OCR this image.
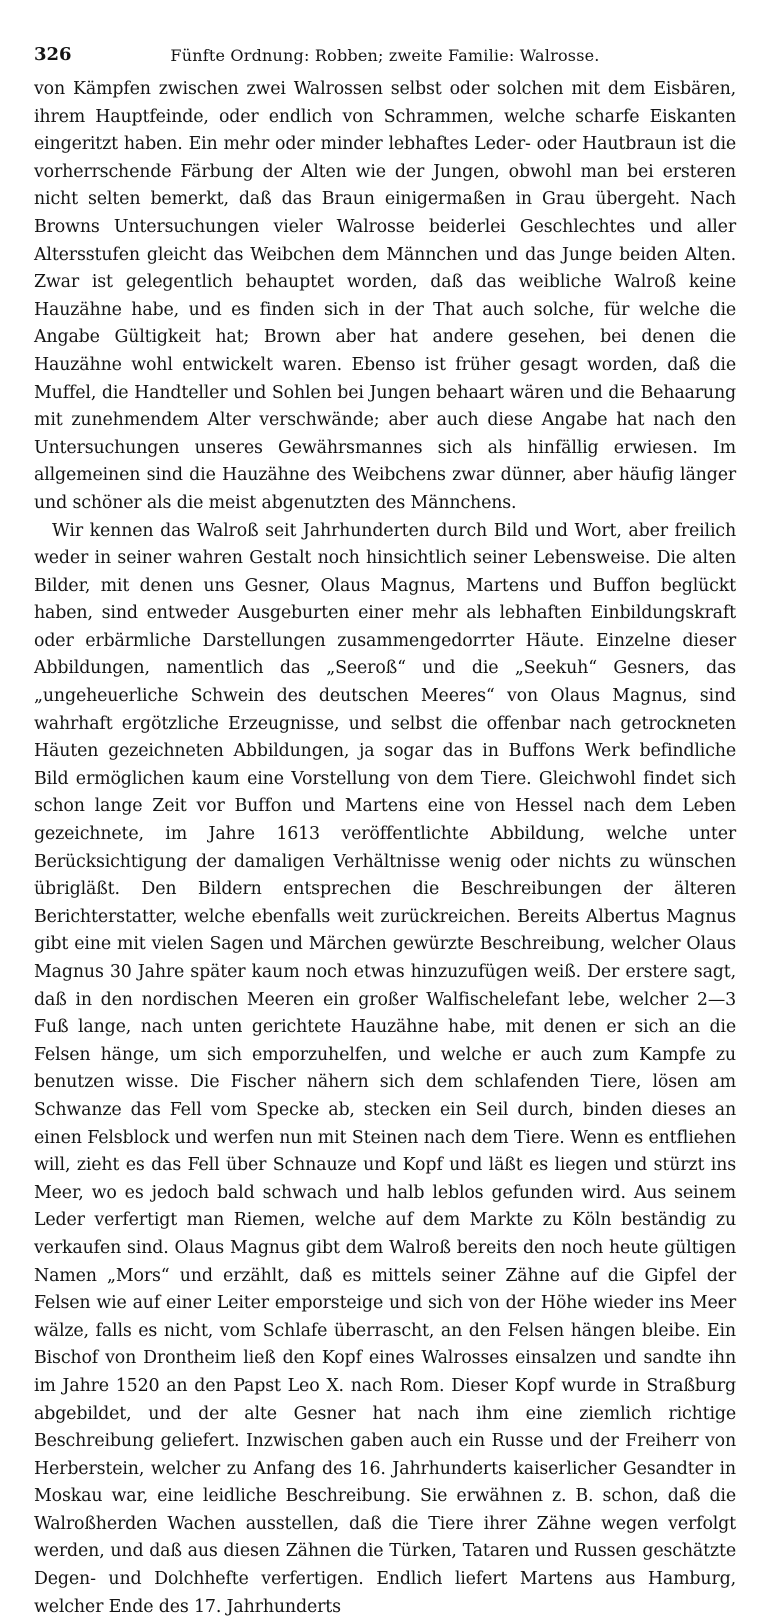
326	Fünfte Ordnung: Robben; zweite Familie: Walrosse.

von Kämpfen zwischen zwei Walrossen selbst oder solchen mit dem Eisbären, ihrem Hauptfeinde, oder endlich von Schrammen, welche scharfe Eiskanten eingeritzt haben. Ein mehr oder minder lebhaftes Leder- oder Hautbraun ist die vorherrschende Färbung der Alten wie der Jungen, obwohl man bei ersteren nicht selten bemerkt, daß das Braun einigermaßen in Grau übergeht. Nach Browns Untersuchungen vieler Walrosse beiderlei Geschlechtes und aller Altersstufen gleicht das Weibchen dem Männchen und das Junge beiden Alten. Zwar ist gelegentlich behauptet worden, daß das weibliche Walroß keine Hauzähne habe, und es finden sich in der That auch solche, für welche die Angabe Gültigkeit hat; Brown aber hat andere gesehen, bei denen die Hauzähne wohl entwickelt waren. Ebenso ist früher gesagt worden, daß die Muffel, die Handteller und Sohlen bei Jungen behaart wären und die Behaarung mit zunehmendem Alter verschwände; aber auch diese Angabe hat nach den Untersuchungen unseres Gewährsmannes sich als hinfällig erwiesen. Im allgemeinen sind die Hauzähne des Weibchens zwar dünner, aber häufig länger und schöner als die meist abgenutzten des Männchens.

Wir kennen das Walroß seit Jahrhunderten durch Bild und Wort, aber freilich weder in seiner wahren Gestalt noch hinsichtlich seiner Lebensweise. Die alten Bilder, mit denen uns Gesner, Olaus Magnus, Martens und Buffon beglückt haben, sind entweder Ausgeburten einer mehr als lebhaften Einbildungskraft oder erbärmliche Darstellungen zusammengedorrter Häute. Einzelne dieser Abbildungen, namentlich das „Seeroß“ und die „Seekuh“ Gesners, das „ungeheuerliche Schwein des deutschen Meeres“ von Olaus Magnus, sind wahrhaft ergötzliche Erzeugnisse, und selbst die offenbar nach getrockneten Häuten gezeichneten Abbildungen, ja sogar das in Buffons Werk befindliche Bild ermöglichen kaum eine Vorstellung von dem Tiere. Gleichwohl findet sich schon lange Zeit vor Buffon und Martens eine von Hessel nach dem Leben gezeichnete, im Jahre 1613 veröffentlichte Abbildung, welche unter Berücksichtigung der damaligen Verhältnisse wenig oder nichts zu wünschen übrigläßt. Den Bildern entsprechen die Beschreibungen der älteren Berichterstatter, welche ebenfalls weit zurückreichen. Bereits Albertus Magnus gibt eine mit vielen Sagen und Märchen gewürzte Beschreibung, welcher Olaus Magnus 30 Jahre später kaum noch etwas hinzuzufügen weiß. Der erstere sagt, daß in den nordischen Meeren ein großer Walfischelefant lebe, welcher 2—3 Fuß lange, nach unten gerichtete Hauzähne habe, mit denen er sich an die Felsen hänge, um sich emporzuhelfen, und welche er auch zum Kampfe zu benutzen wisse. Die Fischer nähern sich dem schlafenden Tiere, lösen am Schwanze das Fell vom Specke ab, stecken ein Seil durch, binden dieses an einen Felsblock und werfen nun mit Steinen nach dem Tiere. Wenn es entfliehen will, zieht es das Fell über Schnauze und Kopf und läßt es liegen und stürzt ins Meer, wo es jedoch bald schwach und halb leblos gefunden wird. Aus seinem Leder verfertigt man Riemen, welche auf dem Markte zu Köln beständig zu verkaufen sind. Olaus Magnus gibt dem Walroß bereits den noch heute gültigen Namen „Mors“ und erzählt, daß es mittels seiner Zähne auf die Gipfel der Felsen wie auf einer Leiter emporsteige und sich von der Höhe wieder ins Meer wälze, falls es nicht, vom Schlafe überrascht, an den Felsen hängen bleibe. Ein Bischof von Drontheim ließ den Kopf eines Walrosses einsalzen und sandte ihn im Jahre 1520 an den Papst Leo X. nach Rom. Dieser Kopf wurde in Straßburg abgebildet, und der alte Gesner hat nach ihm eine ziemlich richtige Beschreibung geliefert. Inzwischen gaben auch ein Russe und der Freiherr von Herberstein, welcher zu Anfang des 16. Jahrhunderts kaiserlicher Gesandter in Moskau war, eine leidliche Beschreibung. Sie erwähnen z. B. schon, daß die Walroßherden Wachen ausstellen, daß die Tiere ihrer Zähne wegen verfolgt werden, und daß aus diesen Zähnen die Türken, Tataren und Russen geschätzte Degen- und Dolchhefte verfertigen. Endlich liefert Martens aus Hamburg, welcher Ende des 17. Jahrhunderts
